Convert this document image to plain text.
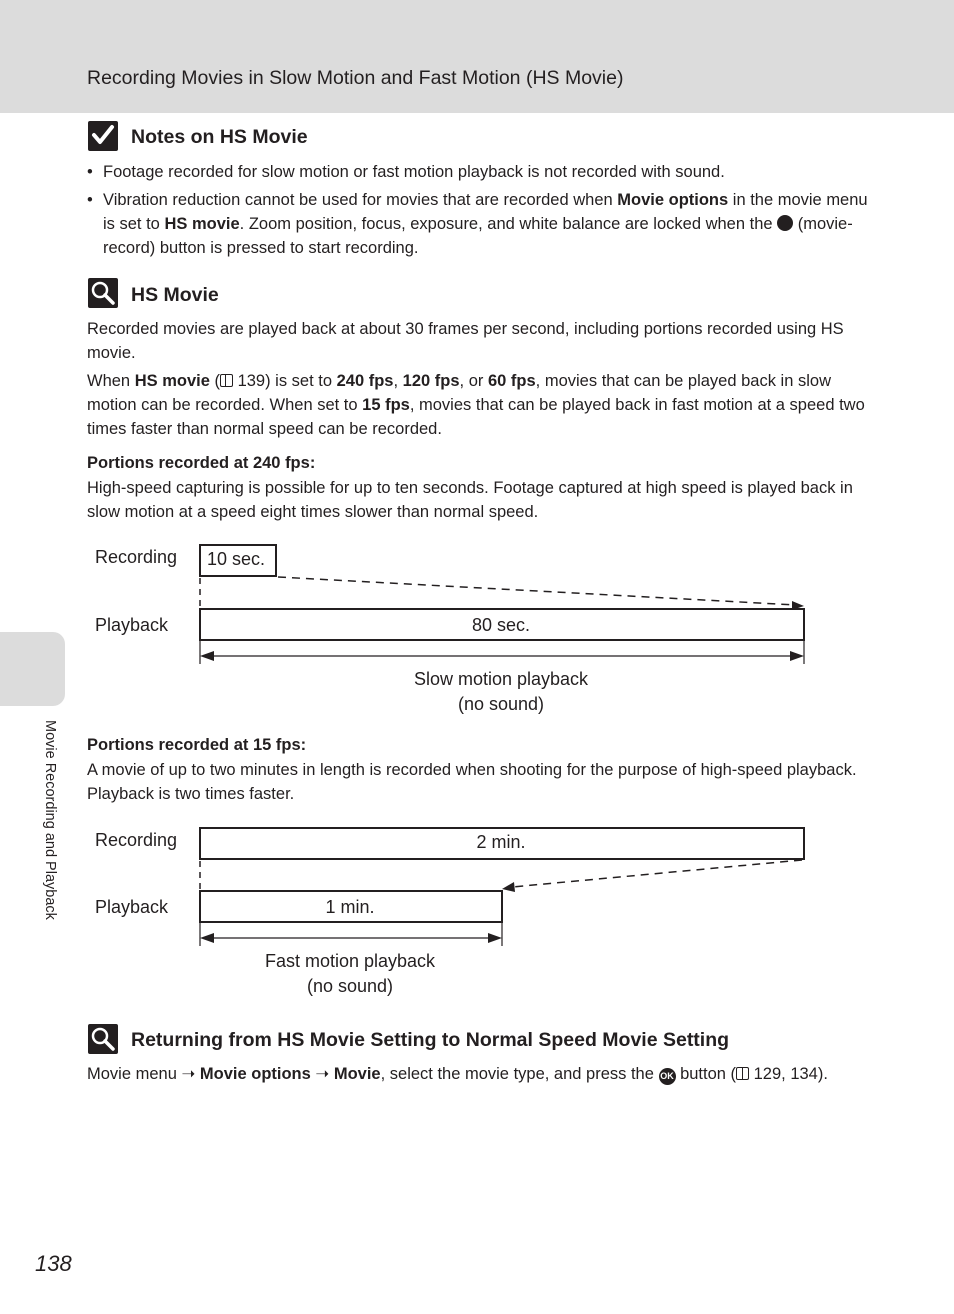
Recording Movies in Slow Motion and Fast Motion (HS Movie)
Movie Recording and Playback
Notes on HS Movie
• Footage recorded for slow motion or fast motion playback is not recorded with sound.
• Vibration reduction cannot be used for movies that are recorded when Movie options in the movie menu is set to HS movie. Zoom position, focus, exposure, and white balance are locked when the  (movie-record) button is pressed to start recording.
HS Movie
Recorded movies are played back at about 30 frames per second, including portions recorded using HS movie.
When HS movie ( 139) is set to 240 fps, 120 fps, or 60 fps, movies that can be played back in slow motion can be recorded. When set to 15 fps, movies that can be played back in fast motion at a speed two times faster than normal speed can be recorded.
Portions recorded at 240 fps:
High-speed capturing is possible for up to ten seconds. Footage captured at high speed is played back in slow motion at a speed eight times slower than normal speed.
Recording
Playback
10 sec.
80 sec.
Slow motion playback
(no sound)
Portions recorded at 15 fps:
A movie of up to two minutes in length is recorded when shooting for the purpose of high-speed playback. Playback is two times faster.
Recording
Playback
2 min.
1 min.
Fast motion playback
(no sound)
Returning from HS Movie Setting to Normal Speed Movie Setting
Movie menu ➝ Movie options ➝ Movie, select the movie type, and press the OK button ( 129, 134).
138
